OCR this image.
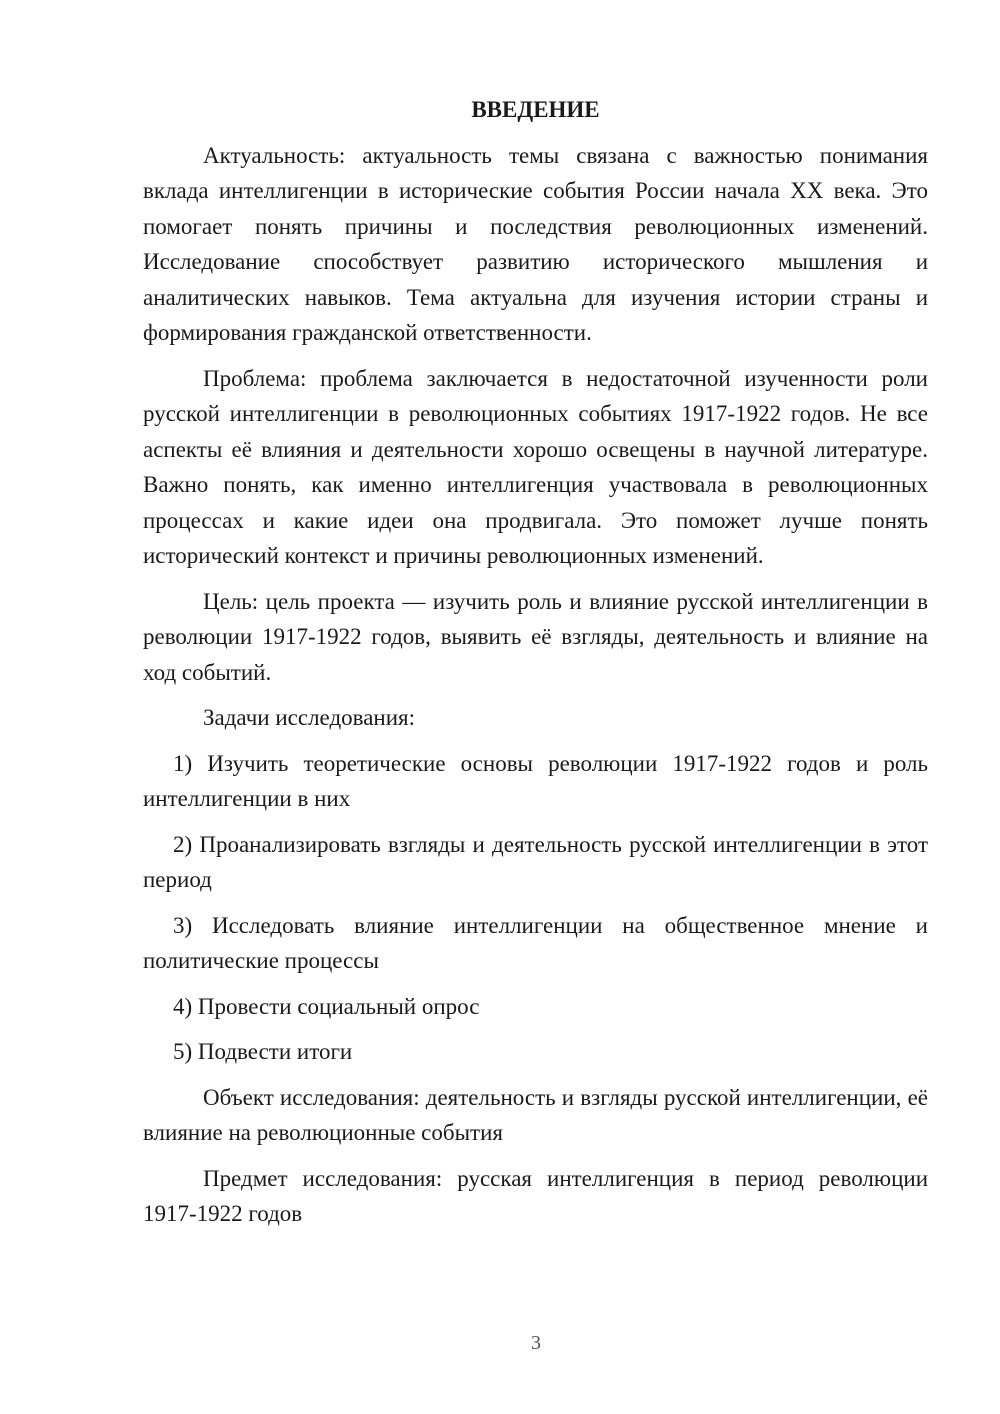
ВВЕДЕНИЕ

Актуальность: актуальность темы связана с важностью понимания вклада интеллигенции в исторические события России начала XX века. Это помогает понять причины и последствия революционных изменений. Исследование способствует развитию исторического мышления и аналитических навыков. Тема актуальна для изучения истории страны и формирования гражданской ответственности.

Проблема: проблема заключается в недостаточной изученности роли русской интеллигенции в революционных событиях 1917-1922 годов. Не все аспекты её влияния и деятельности хорошо освещены в научной литературе. Важно понять, как именно интеллигенция участвовала в революционных процессах и какие идеи она продвигала. Это поможет лучше понять исторический контекст и причины революционных изменений.

Цель: цель проекта — изучить роль и влияние русской интеллигенции в революции 1917-1922 годов, выявить её взгляды, деятельность и влияние на ход событий.

Задачи исследования:

1) Изучить теоретические основы революции 1917-1922 годов и роль интеллигенции в них

2) Проанализировать взгляды и деятельность русской интеллигенции в этот период

3) Исследовать влияние интеллигенции на общественное мнение и политические процессы

4) Провести социальный опрос

5) Подвести итоги

Объект исследования: деятельность и взгляды русской интеллигенции, её влияние на революционные события

Предмет исследования: русская интеллигенция в период революции 1917-1922 годов

3
